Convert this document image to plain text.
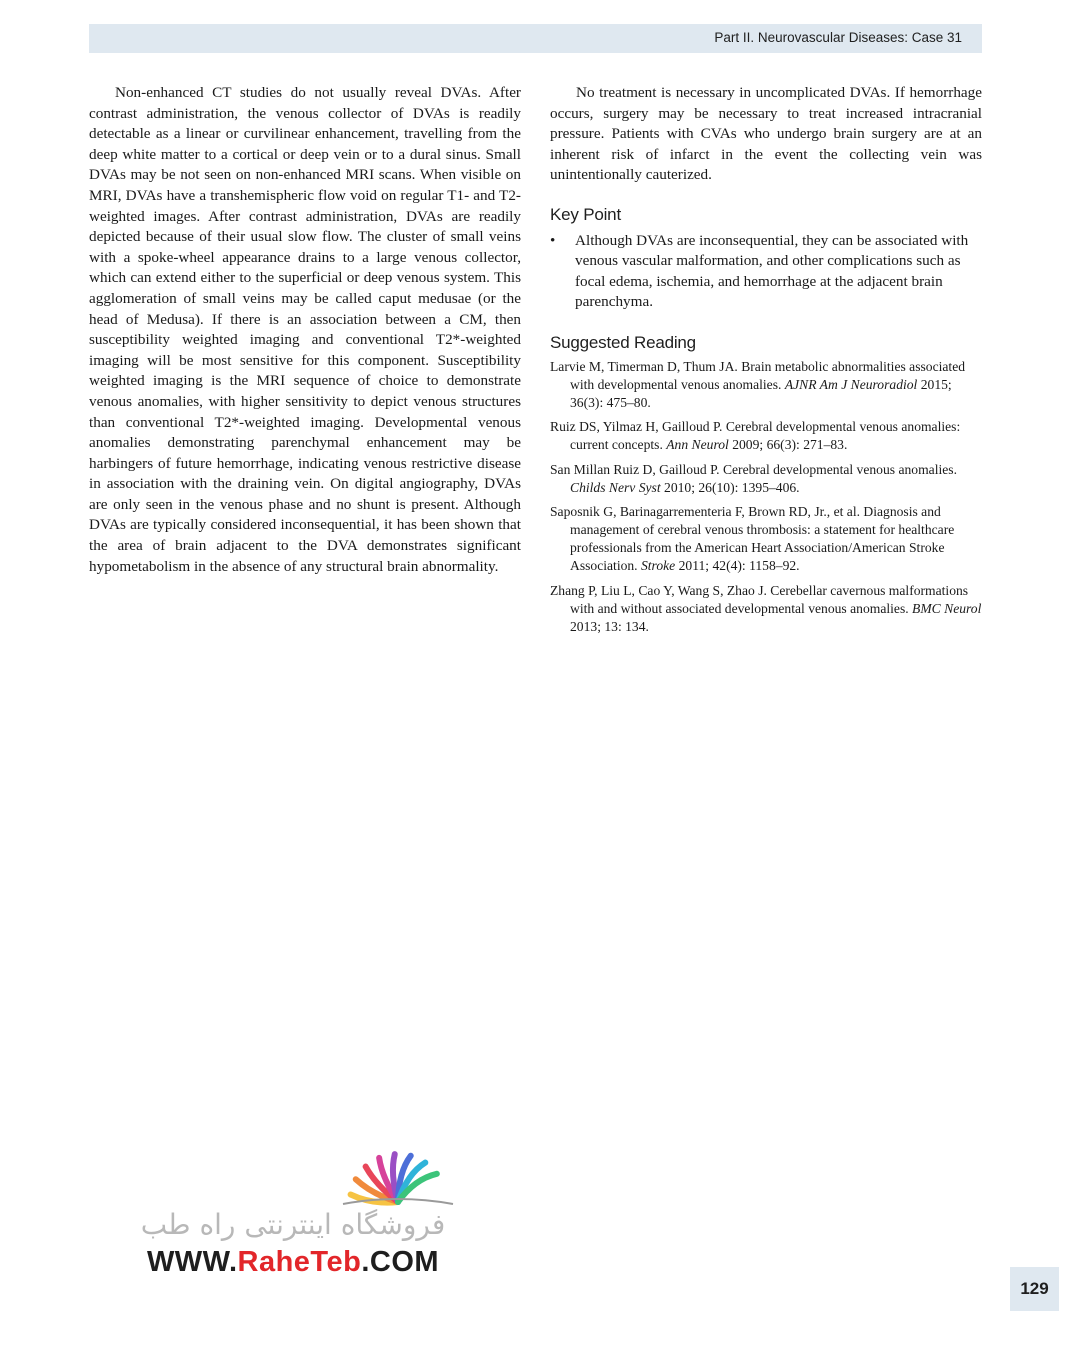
Part II. Neurovascular Diseases: Case 31

Non-enhanced CT studies do not usually reveal DVAs. After contrast administration, the venous collector of DVAs is readily detectable as a linear or curvilinear enhancement, travelling from the deep white matter to a cortical or deep vein or to a dural sinus. Small DVAs may be not seen on non-enhanced MRI scans. When visible on MRI, DVAs have a transhemispheric flow void on regular T1- and T2-weighted images. After contrast administration, DVAs are readily depicted because of their usual slow flow. The cluster of small veins with a spoke-wheel appearance drains to a large venous collector, which can extend either to the superficial or deep venous system. This agglomeration of small veins may be called caput medusae (or the head of Medusa). If there is an association between a CM, then susceptibility weighted imaging and conventional T2*-weighted imaging will be most sensitive for this component. Susceptibility weighted imaging is the MRI sequence of choice to demonstrate venous anomalies, with higher sensitivity to depict venous structures than conventional T2*-weighted imaging. Developmental venous anomalies demonstrating parenchymal enhancement may be harbingers of future hemorrhage, indicating venous restrictive disease in association with the draining vein. On digital angiography, DVAs are only seen in the venous phase and no shunt is present. Although DVAs are typically considered inconsequential, it has been shown that the area of brain adjacent to the DVA demonstrates significant hypometabolism in the absence of any structural brain abnormality.

No treatment is necessary in uncomplicated DVAs. If hemorrhage occurs, surgery may be necessary to treat increased intracranial pressure. Patients with CVAs who undergo brain surgery are at an inherent risk of infarct in the event the collecting vein was unintentionally cauterized.

Key Point
• Although DVAs are inconsequential, they can be associated with venous vascular malformation, and other complications such as focal edema, ischemia, and hemorrhage at the adjacent brain parenchyma.
Suggested Reading
Larvie M, Timerman D, Thum JA. Brain metabolic abnormalities associated with developmental venous anomalies. AJNR Am J Neuroradiol 2015; 36(3): 475–80.
Ruiz DS, Yilmaz H, Gailloud P. Cerebral developmental venous anomalies: current concepts. Ann Neurol 2009; 66(3): 271–83.
San Millan Ruiz D, Gailloud P. Cerebral developmental venous anomalies. Childs Nerv Syst 2010; 26(10): 1395–406.
Saposnik G, Barinagarrementeria F, Brown RD, Jr., et al. Diagnosis and management of cerebral venous thrombosis: a statement for healthcare professionals from the American Heart Association/American Stroke Association. Stroke 2011; 42(4): 1158–92.
Zhang P, Liu L, Cao Y, Wang S, Zhao J. Cerebellar cavernous malformations with and without associated developmental venous anomalies. BMC Neurol 2013; 13: 134.
فروشگاه اینترنتی راه طب
WWW.RaheTeb.COM
129
